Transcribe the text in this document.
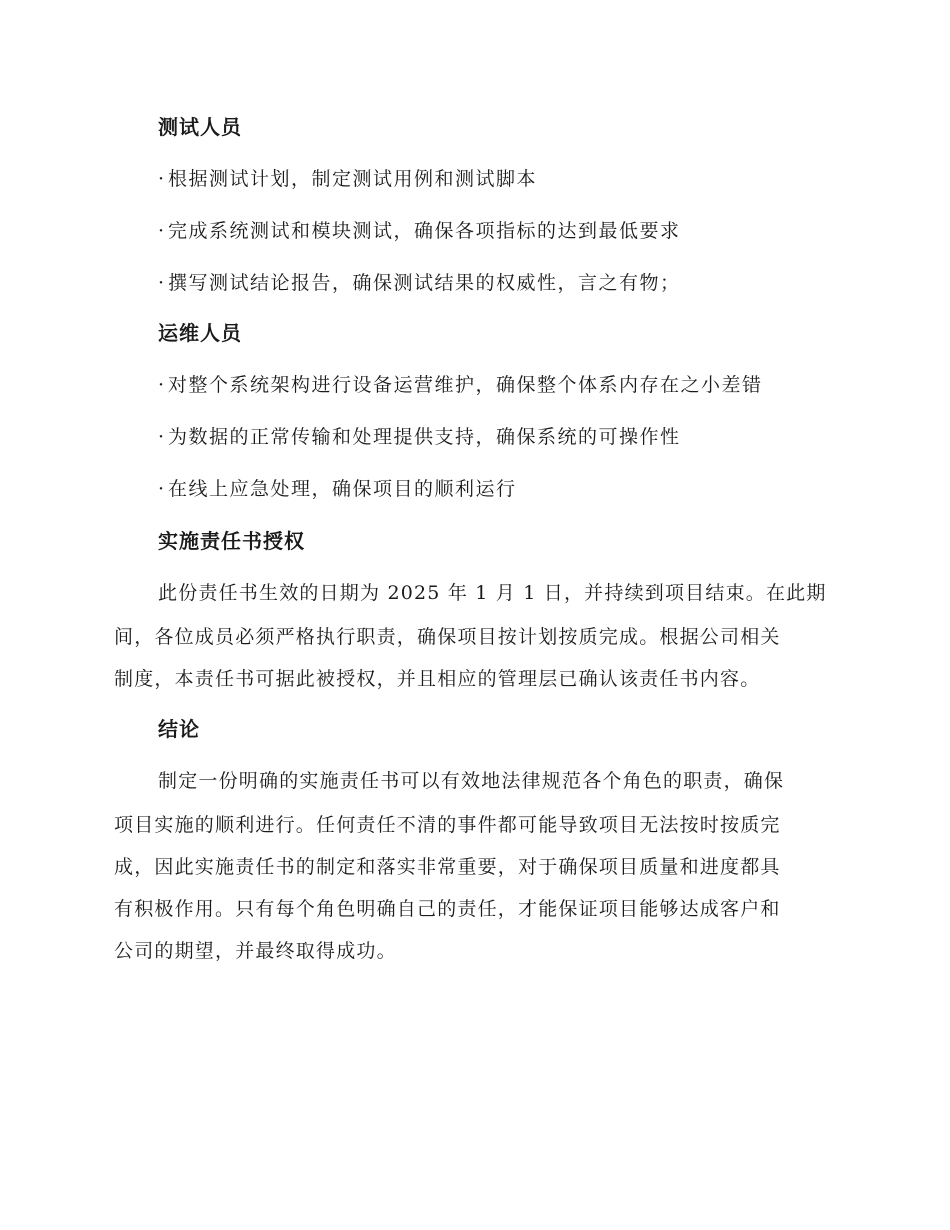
测试人员
· 根据测试计划，制定测试用例和测试脚本
· 完成系统测试和模块测试，确保各项指标的达到最低要求
· 撰写测试结论报告，确保测试结果的权威性，言之有物；
运维人员
· 对整个系统架构进行设备运营维护，确保整个体系内存在之小差错
· 为数据的正常传输和处理提供支持，确保系统的可操作性
· 在线上应急处理，确保项目的顺利运行
实施责任书授权
此份责任书生效的日期为 2025 年 1 月 1 日，并持续到项目结束。在此期
间，各位成员必须严格执行职责，确保项目按计划按质完成。根据公司相关
制度，本责任书可据此被授权，并且相应的管理层已确认该责任书内容。
结论
制定一份明确的实施责任书可以有效地法律规范各个角色的职责，确保
项目实施的顺利进行。任何责任不清的事件都可能导致项目无法按时按质完
成，因此实施责任书的制定和落实非常重要，对于确保项目质量和进度都具
有积极作用。只有每个角色明确自己的责任，才能保证项目能够达成客户和
公司的期望，并最终取得成功。
